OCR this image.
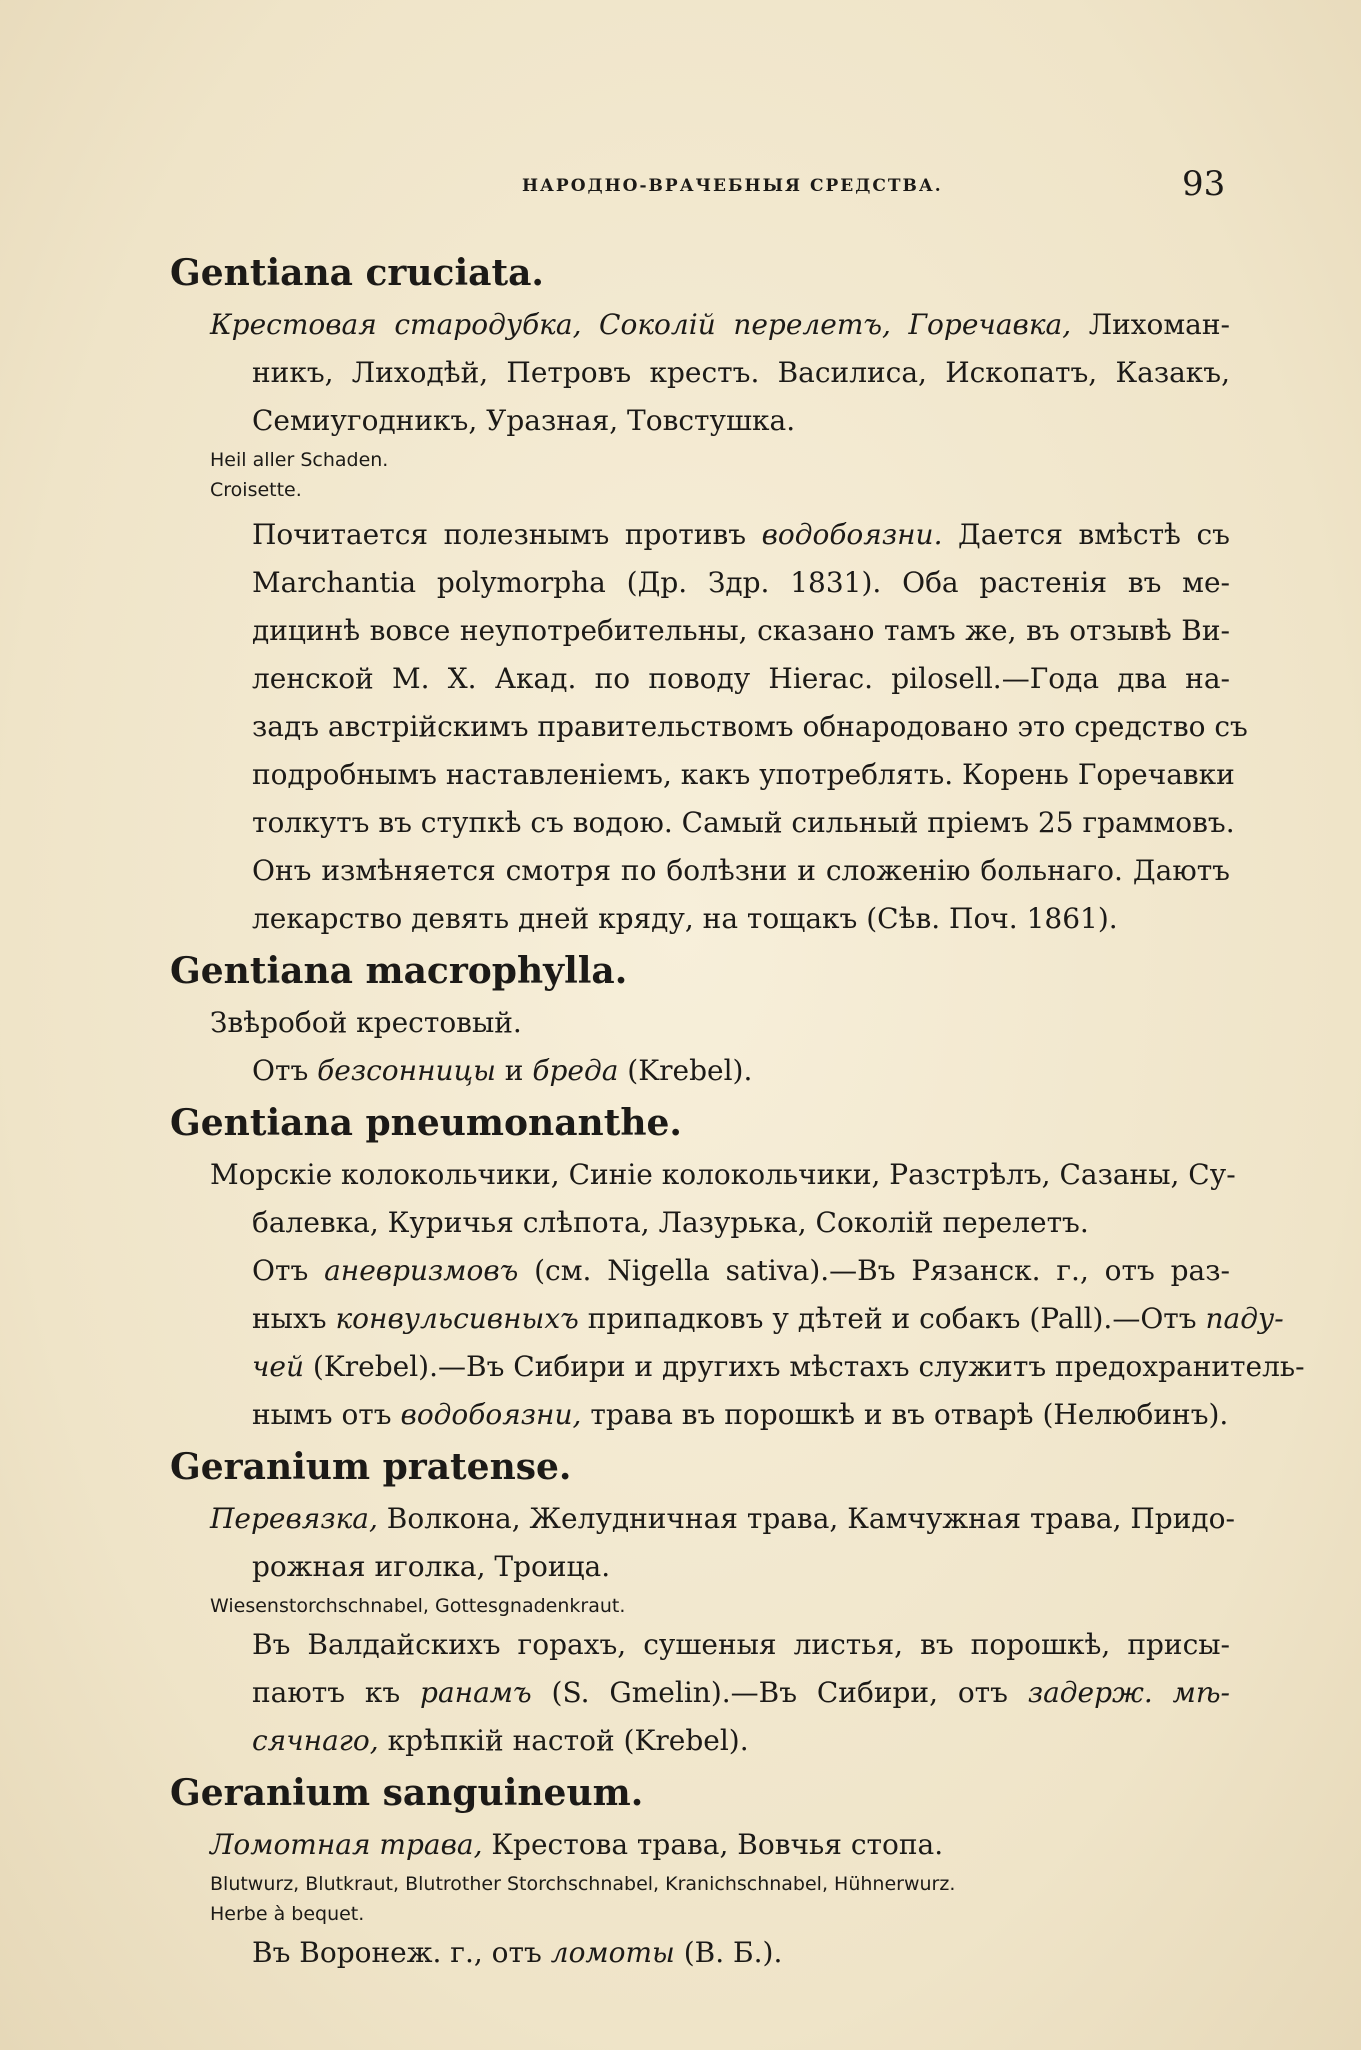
НАРОДНО-ВРАЧЕБНЫЯ СРЕДСТВА.	93
Gentiana cruciata.
Крестовая стародубка, Соколій перелетъ, Горечавка, Лихоман-
никъ, Лиходѣй, Петровъ крестъ. Василиса, Ископатъ, Казакъ,
Семиугодникъ, Уразная, Товстушка.
Heil aller Schaden.
Croisette.
Почитается полезнымъ противъ водобоязни. Дается вмѣстѣ съ
Marchantia polymorpha (Др. Здр. 1831). Оба растенія въ ме-
дицинѣ вовсе неупотребительны, сказано тамъ же, въ отзывѣ Ви-
ленской М. Х. Акад. по поводу Hierac. pilosell.—Года два на-
задъ австрійскимъ правительствомъ обнародовано это средство съ
подробнымъ наставленіемъ, какъ употреблять. Корень Горечавки
толкутъ въ ступкѣ съ водою. Самый сильный пріемъ 25 граммовъ.
Онъ измѣняется смотря по болѣзни и сложенію больнаго. Даютъ
лекарство девять дней кряду, на тощакъ (Сѣв. Поч. 1861).
Gentiana macrophylla.
Звѣробой крестовый.
Отъ безсонницы и бреда (Krebel).
Gentiana pneumonanthe.
Морскіе колокольчики, Синіе колокольчики, Разстрѣлъ, Сазаны, Су-
балевка, Куричья слѣпота, Лазурька, Соколій перелетъ.
Отъ аневризмовъ (см. Nigella sativa).—Въ Рязанск. г., отъ раз-
ныхъ конвульсивныхъ припадковъ у дѣтей и собакъ (Pall).—Отъ паду-
чей (Krebel).—Въ Сибири и другихъ мѣстахъ служитъ предохранитель-
нымъ отъ водобоязни, трава въ порошкѣ и въ отварѣ (Нелюбинъ).
Geranium pratense.
Перевязка, Волкона, Желудничная трава, Камчужная трава, Придо-
рожная иголка, Троица.
Wiesenstorchschnabel, Gottesgnadenkraut.
Въ Валдайскихъ горахъ, сушеныя листья, въ порошкѣ, присы-
паютъ къ ранамъ (S. Gmelin).—Въ Сибири, отъ задерж. мѣ-
сячнаго, крѣпкій настой (Krebel).
Geranium sanguineum.
Ломотная трава, Крестова трава, Вовчья стопа.
Blutwurz, Blutkraut, Blutrother Storchschnabel, Kranichschnabel, Hühnerwurz.
Herbe à bequet.
Въ Воронеж. г., отъ ломоты (В. Б.).
